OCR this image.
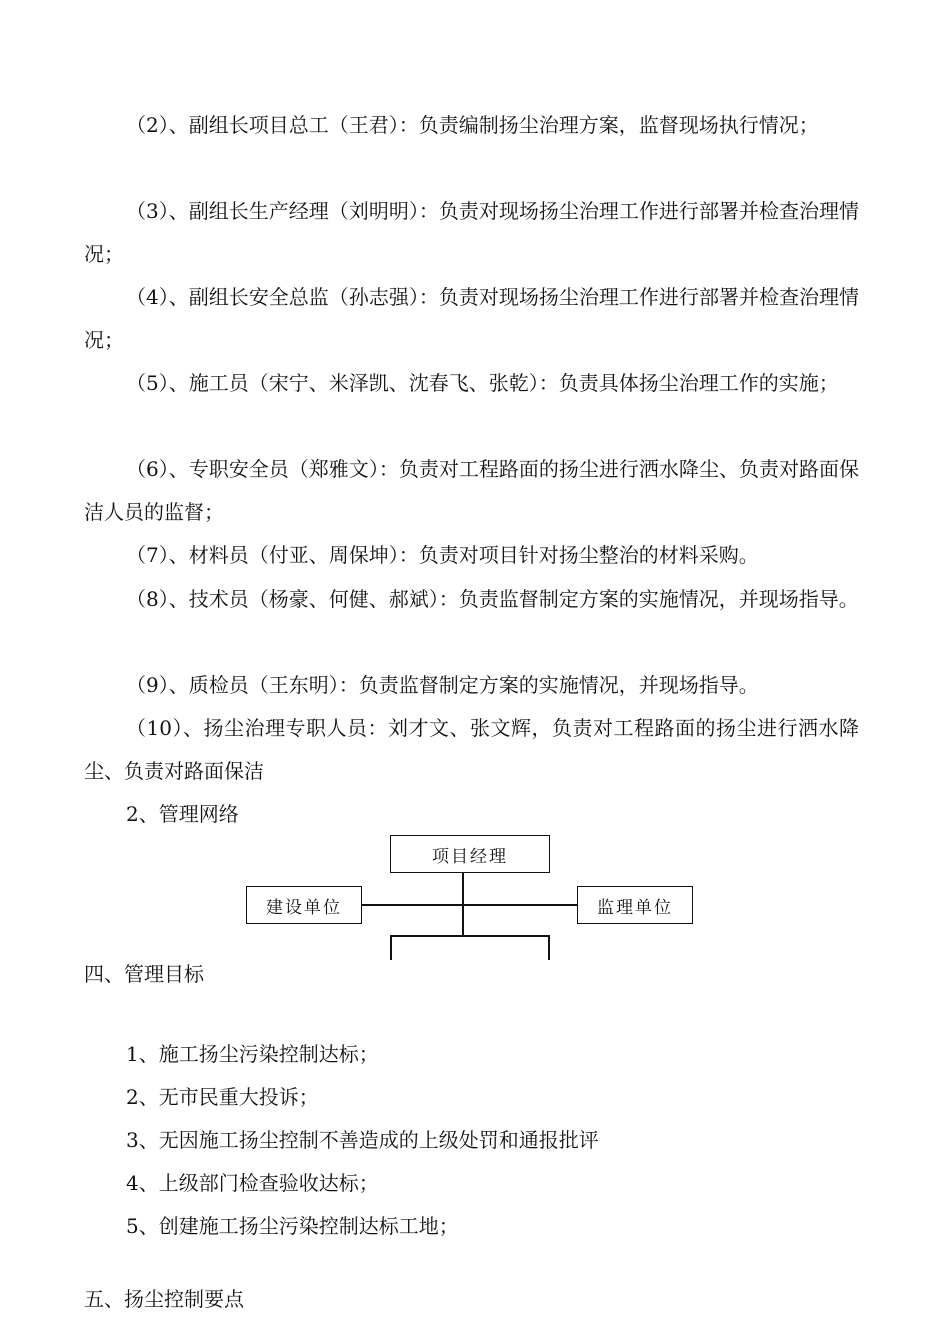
（2）、副组长项目总工（王君）：负责编制扬尘治理方案，监督现场执行情况；

（3）、副组长生产经理（刘明明）：负责对现场扬尘治理工作进行部署并检查治理情况；

（4）、副组长安全总监（孙志强）：负责对现场扬尘治理工作进行部署并检查治理情况；

（5）、施工员（宋宁、米泽凯、沈春飞、张乾）：负责具体扬尘治理工作的实施；

（6）、专职安全员（郑雅文）：负责对工程路面的扬尘进行洒水降尘、负责对路面保洁人员的监督；

（7）、材料员（付亚、周保坤）：负责对项目针对扬尘整治的材料采购。

（8）、技术员（杨豪、何健、郝斌）：负责监督制定方案的实施情况，并现场指导。

（9）、质检员（王东明）：负责监督制定方案的实施情况，并现场指导。

（10）、扬尘治理专职人员：刘才文、张文辉，负责对工程路面的扬尘进行洒水降尘、负责对路面保洁

2、管理网络

项目经理
建设单位	监理单位

四、管理目标

1、施工扬尘污染控制达标；

2、无市民重大投诉；

3、无因施工扬尘控制不善造成的上级处罚和通报批评

4、上级部门检查验收达标；

5、创建施工扬尘污染控制达标工地；

五、扬尘控制要点
